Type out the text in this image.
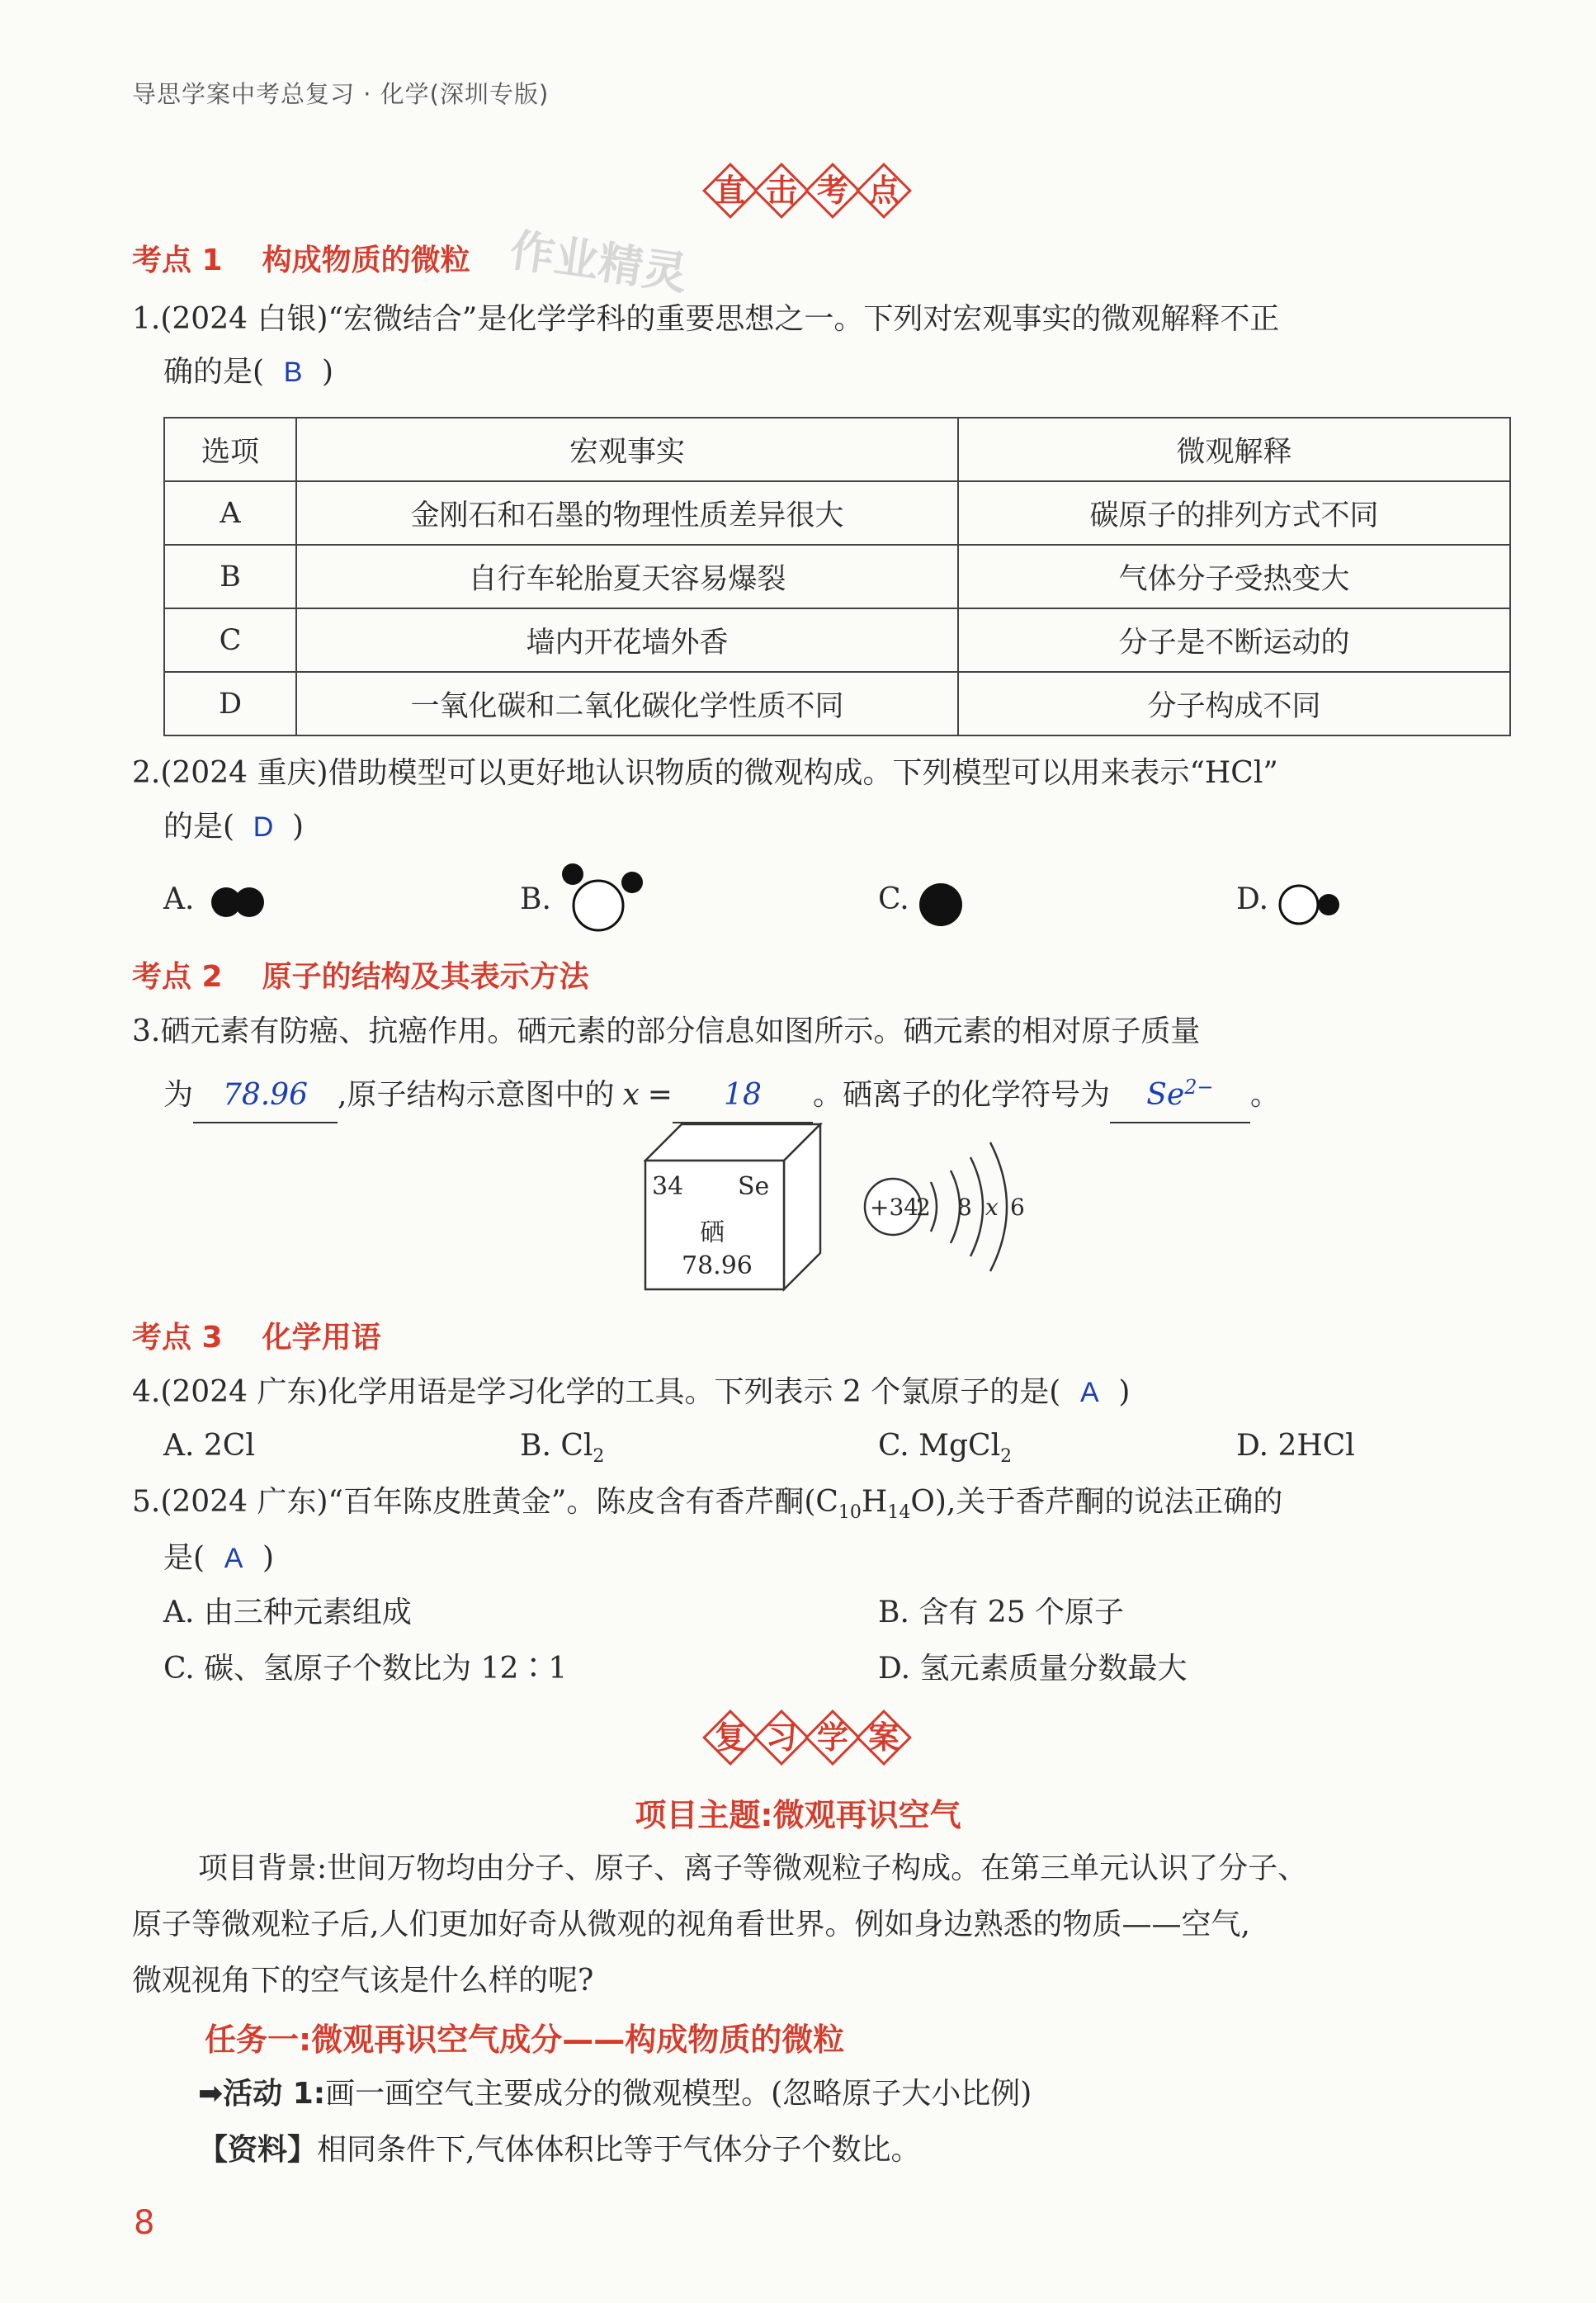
导思学案中考总复习 · 化学(深圳专版)
直 击 考 点
作业精灵
考点 1 构成物质的微粒
1.(2024 白银)“宏微结合”是化学学科的重要思想之一。下列对宏观事实的微观解释不正
确的是( B )
选项	宏观事实	微观解释
A	金刚石和石墨的物理性质差异很大	碳原子的排列方式不同
B	自行车轮胎夏天容易爆裂	气体分子受热变大
C	墙内开花墙外香	分子是不断运动的
D	一氧化碳和二氧化碳化学性质不同	分子构成不同
2.(2024 重庆)借助模型可以更好地认识物质的微观构成。下列模型可以用来表示“HCl”
的是( D )
A.	B.	C.	D.
考点 2 原子的结构及其表示方法
3.硒元素有防癌、抗癌作用。硒元素的部分信息如图所示。硒元素的相对原子质量
为 78.96 ,原子结构示意图中的 x = 18 。硒离子的化学符号为 $Se^{2-}$ 。
34 Se
硒
78.96
+34
2 8 x 6
考点 3 化学用语
4.(2024 广东)化学用语是学习化学的工具。下列表示 2 个氯原子的是( A )
A. 2Cl	B. $Cl_2$	C. MgCl$_2$	D. 2HCl
5.(2024 广东)“百年陈皮胜黄金”。陈皮含有香芹酮$(C_{10}H_{14}O)$,关于香芹酮的说法正确的
是( A )
A. 由三种元素组成	B. 含有 25 个原子
C. 碳、氢原子个数比为 12∶1	D. 氢元素质量分数最大
复 习 学 案
项目主题:微观再识空气
项目背景:世间万物均由分子、原子、离子等微观粒子构成。在第三单元认识了分子、
原子等微观粒子后,人们更加好奇从微观的视角看世界。例如身边熟悉的物质——空气,
微观视角下的空气该是什么样的呢?
任务一:微观再识空气成分——构成物质的微粒
➡活动 1:画一画空气主要成分的微观模型。(忽略原子大小比例)
【资料】相同条件下,气体体积比等于气体分子个数比。
8
